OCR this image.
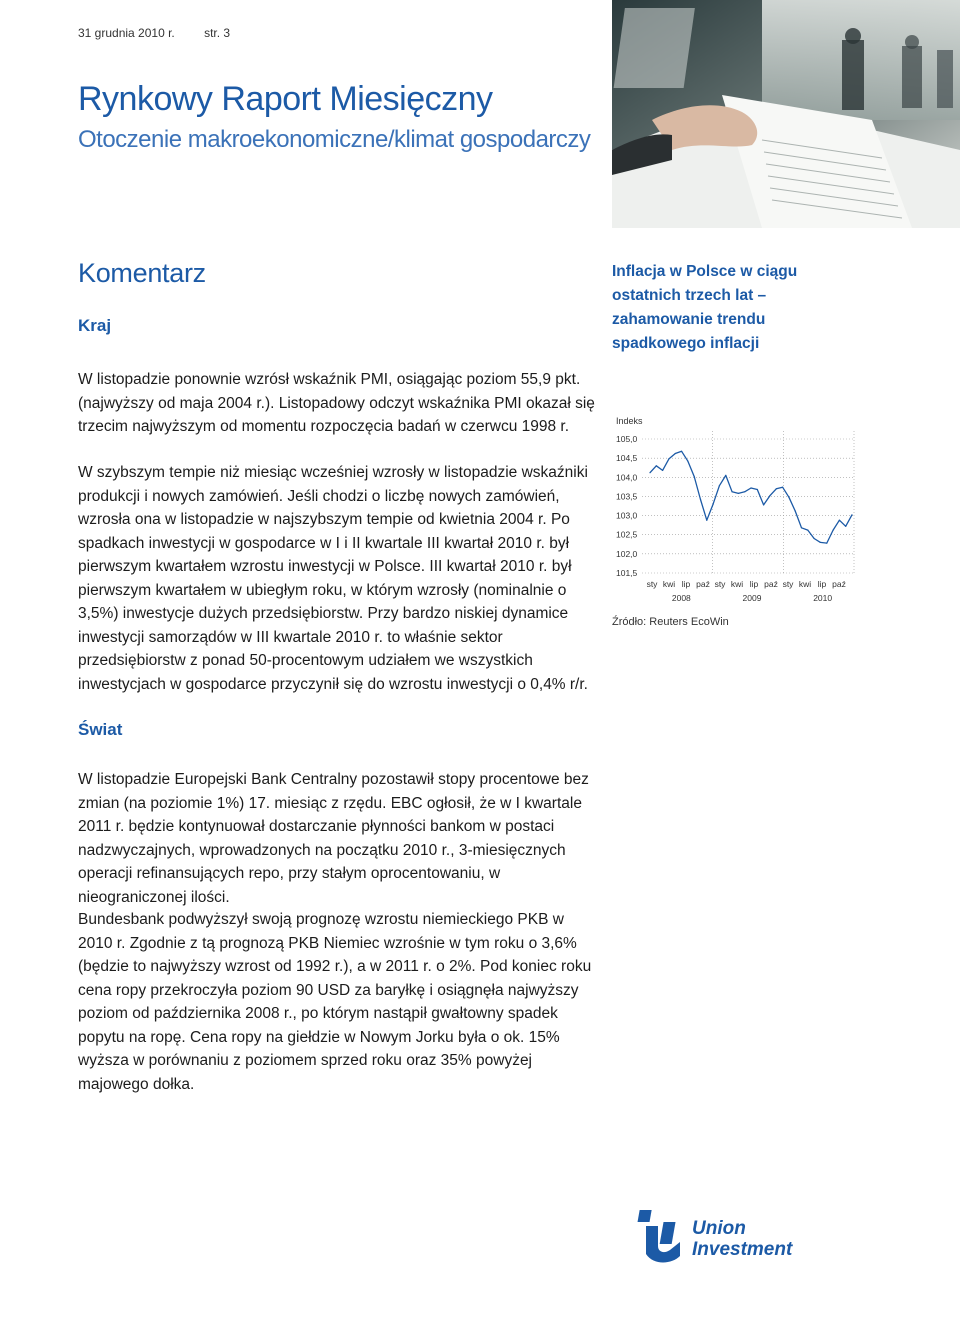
31 grudnia 2010 r. str. 3
Rynkowy Raport Miesięczny
Otoczenie makroekonomiczne/klimat gospodarczy
Komentarz
Kraj

W listopadzie ponownie wzrósł wskaźnik PMI, osiągając poziom 55,9 pkt. (najwyższy od maja 2004 r.). Listopadowy odczyt wskaźnika PMI okazał się trzecim najwyższym od momentu rozpoczęcia badań w czerwcu 1998 r.

W szybszym tempie niż miesiąc wcześniej wzrosły w listopadzie wskaźniki produkcji i nowych zamówień. Jeśli chodzi o liczbę nowych zamówień, wzrosła ona w listopadzie w najszybszym tempie od kwietnia 2004 r. Po spadkach inwestycji w gospodarce w I i II kwartale III kwartał 2010 r. był pierwszym kwartałem wzrostu inwestycji w Polsce. III kwartał 2010 r. był pierwszym kwartałem w ubiegłym roku, w którym wzrosły (nominalnie o 3,5%) inwestycje dużych przedsiębiorstw. Przy bardzo niskiej dynamice inwestycji samorządów w III kwartale 2010 r. to właśnie sektor przedsiębiorstw z ponad 50-procentowym udziałem we wszystkich inwestycjach w gospodarce przyczynił się do wzrostu inwestycji o 0,4% r/r.

Świat

W listopadzie Europejski Bank Centralny pozostawił stopy procentowe bez zmian (na poziomie 1%) 17. miesiąc z rzędu. EBC ogłosił, że w I kwartale 2011 r. będzie kontynuował dostarczanie płynności bankom w postaci nadzwyczajnych, wprowadzonych na początku 2010 r., 3-miesięcznych operacji refinansujących repo, przy stałym oprocentowaniu, w nieograniczonej ilości.

Bundesbank podwyższył swoją prognozę wzrostu niemieckiego PKB w 2010 r. Zgodnie z tą prognozą PKB Niemiec wzrośnie w tym roku o 3,6% (będzie to najwyższy wzrost od 1992 r.), a w 2011 r. o 2%. Pod koniec roku cena ropy przekroczyła poziom 90 USD za baryłkę i osiągnęła najwyższy poziom od października 2008 r., po którym nastąpił gwałtowny spadek popytu na ropę. Cena ropy na giełdzie w Nowym Jorku była o ok. 15% wyższa w porównaniu z poziomem sprzed roku oraz 35% powyżej majowego dołka.

Inflacja w Polsce w ciągu ostatnich trzech lat – zahamowanie trendu spadkowego inflacji
105,0
104,5
104,0
103,5
103,0
102,5
102,0
101,5
sty kwi lip paź sty kwi lip paź sty kwi lip paź
2008	2009	2010
Indeks
Źródło: Reuters EcoWin
Union
Investment
